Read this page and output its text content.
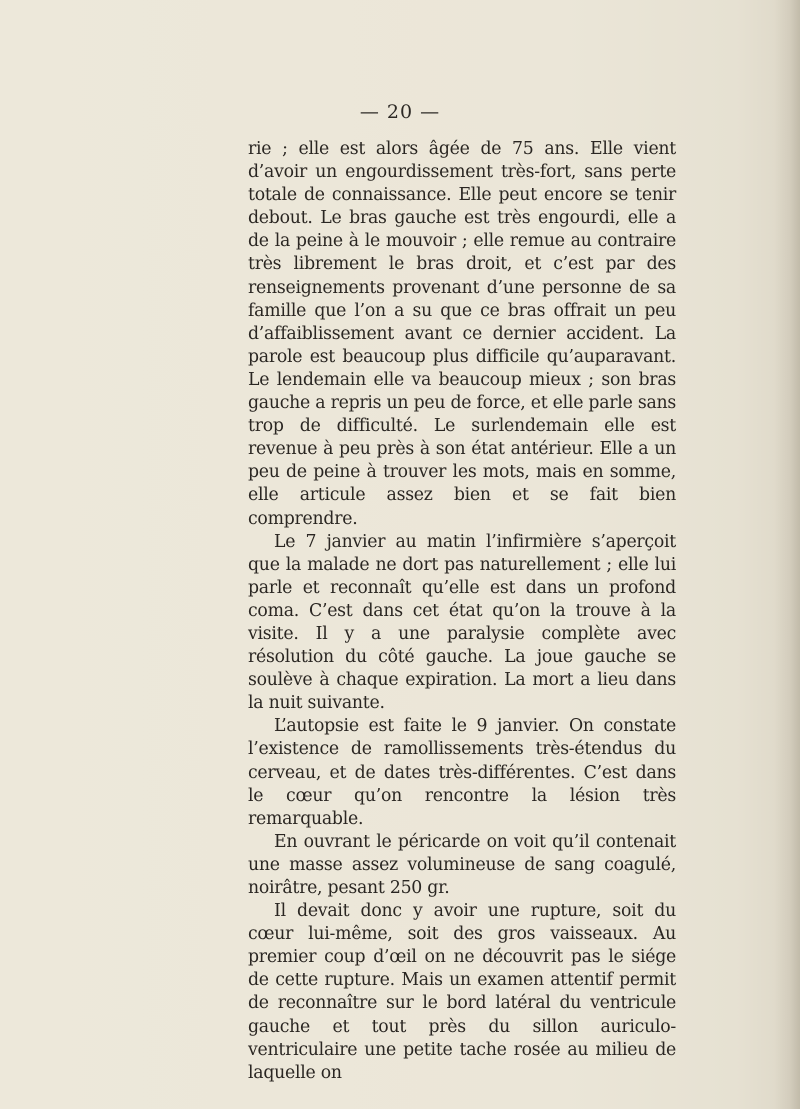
— 20 —

rie ; elle est alors âgée de 75 ans. Elle vient d’avoir un engourdissement très-fort, sans perte totale de connaissance. Elle peut encore se tenir debout. Le bras gauche est très engourdi, elle a de la peine à le mouvoir ; elle remue au contraire très librement le bras droit, et c’est par des renseignements provenant d’une personne de sa famille que l’on a su que ce bras offrait un peu d’affaiblissement avant ce dernier accident. La parole est beaucoup plus difficile qu’auparavant. Le lendemain elle va beaucoup mieux ; son bras gauche a repris un peu de force, et elle parle sans trop de difficulté. Le surlendemain elle est revenue à peu près à son état antérieur. Elle a un peu de peine à trouver les mots, mais en somme, elle articule assez bien et se fait bien comprendre.

Le 7 janvier au matin l’infirmière s’aperçoit que la malade ne dort pas naturellement ; elle lui parle et reconnaît qu’elle est dans un profond coma. C’est dans cet état qu’on la trouve à la visite. Il y a une paralysie complète avec résolution du côté gauche. La joue gauche se soulève à chaque expiration. La mort a lieu dans la nuit suivante.

L’autopsie est faite le 9 janvier. On constate l’existence de ramollissements très-étendus du cerveau, et de dates très-différentes. C’est dans le cœur qu’on rencontre la lésion très remarquable.

En ouvrant le péricarde on voit qu’il contenait une masse assez volumineuse de sang coagulé, noirâtre, pesant 250 gr.

Il devait donc y avoir une rupture, soit du cœur lui-même, soit des gros vaisseaux. Au premier coup d’œil on ne découvrit pas le siége de cette rupture. Mais un examen attentif permit de reconnaître sur le bord latéral du ventricule gauche et tout près du sillon auriculo-ventriculaire une petite tache rosée au milieu de laquelle on
